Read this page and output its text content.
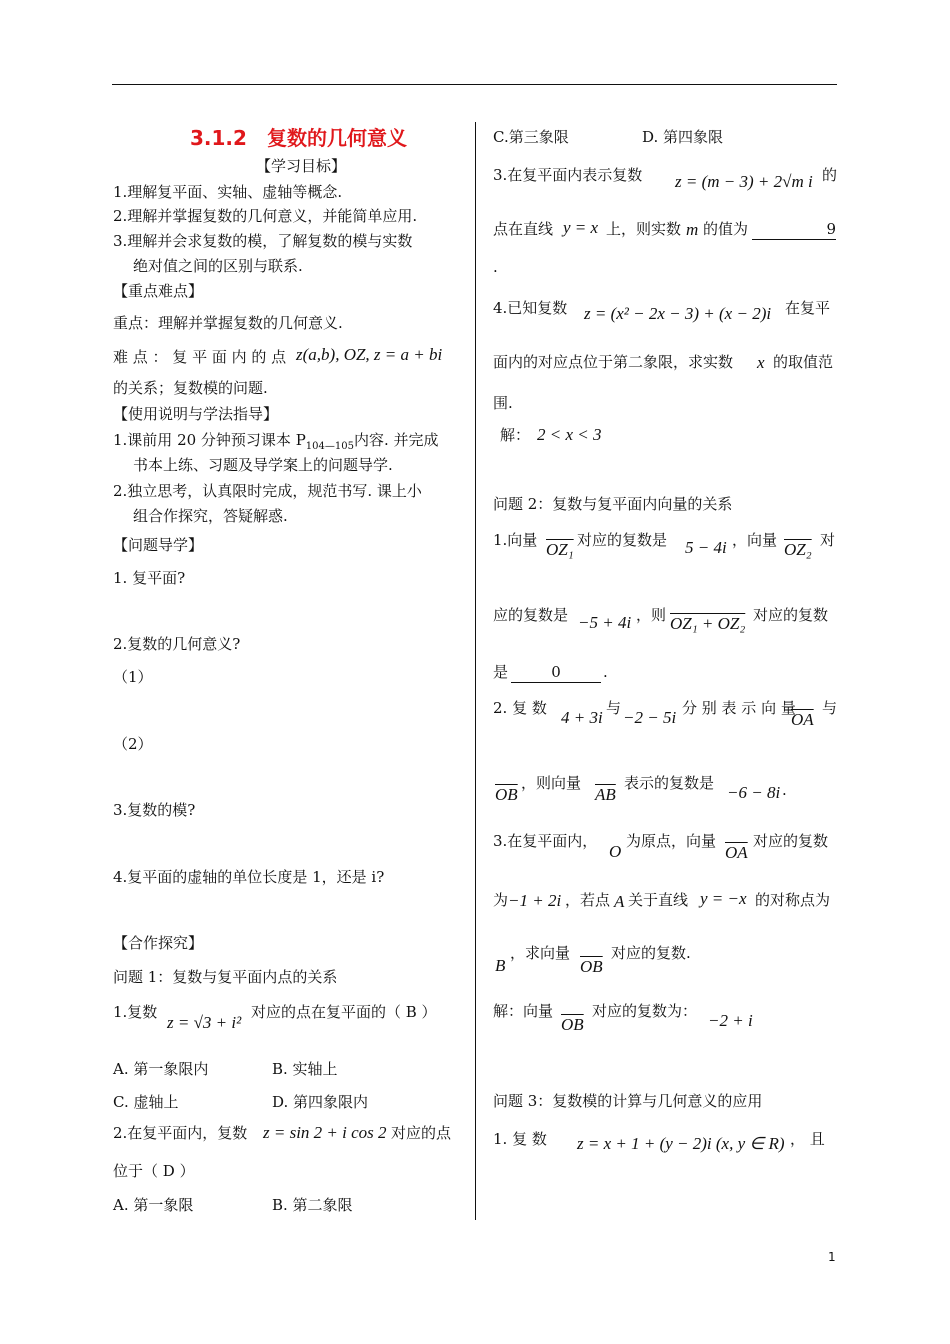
3.1.2　复数的几何意义
【学习目标】
1.理解复平面、实轴、虚轴等概念.
2.理解并掌握复数的几何意义，并能简单应用.
3.理解并会求复数的模，了解复数的模与实数
绝对值之间的区别与联系.
【重点难点】
重点：理解并掌握复数的几何意义.
难 点 ： 复 平 面 内 的 点 z(a,b), OZ, z = a + bi
的关系；复数模的问题.
【使用说明与学法指导】
1.课前用 20 分钟预习课本 $P_{104—105}$内容. 并完成
书本上练、习题及导学案上的问题导学.
2.独立思考，认真限时完成，规范书写. 课上小
组合作探究，答疑解惑.
【问题导学】
1. 复平面?
2.复数的几何意义?
（1）
（2）
3.复数的模?
4.复平面的虚轴的单位长度是 1，还是 i?
【合作探究】
问题 1：复数与复平面内点的关系
1.复数
z = √3 + i²
对应的点在复平面的（ B ）
A. 第一象限内	B. 实轴上
C. 虚轴上	D. 第四象限内
2.在复平面内，复数 z = sin 2 + i cos 2 对应的点
位于（ D ）
A. 第一象限	B. 第二象限
C.第三象限	D. 第四象限
3.在复平面内表示复数 z = (m − 3) + 2√m i 的
点在直线 y = x 上，则实数 m 的值为	9
.
4.已知复数 z = (x² − 2x − 3) + (x − 2)i 在复平
面内的对应点位于第二象限，求实数 x 的取值范
围.
解： 2 < x < 3
问题 2：复数与复平面内向量的关系
1.向量 OZ₁ 对应的复数是 5 − 4i ，向量 OZ₂ 对
应的复数是 −5 + 4i ，则 OZ₁ + OZ₂ 对应的复数
是	0	.
2. 复 数 4 + 3i 与 −2 − 5i 分 别 表 示 向 量
$\overline{OA}$
与
$\overline{OB}$
，则向量
$\overline{AB}$
表示的复数是 −6 − 8i .
3.在复平面内，
O
为原点，向量
$\overline{OA}$
对应的复数
为 −1 + 2i ，若点 A 关于直线 y = −x 的对称点为
B
，求向量
$\overline{OB}$
对应的复数.
解：向量
$\overline{OB}$
对应的复数为： −2 + i
问题 3：复数模的计算与几何意义的应用
1. 复 数 z = x + 1 + (y − 2)i (x, y ∈ R) ， 且
1
